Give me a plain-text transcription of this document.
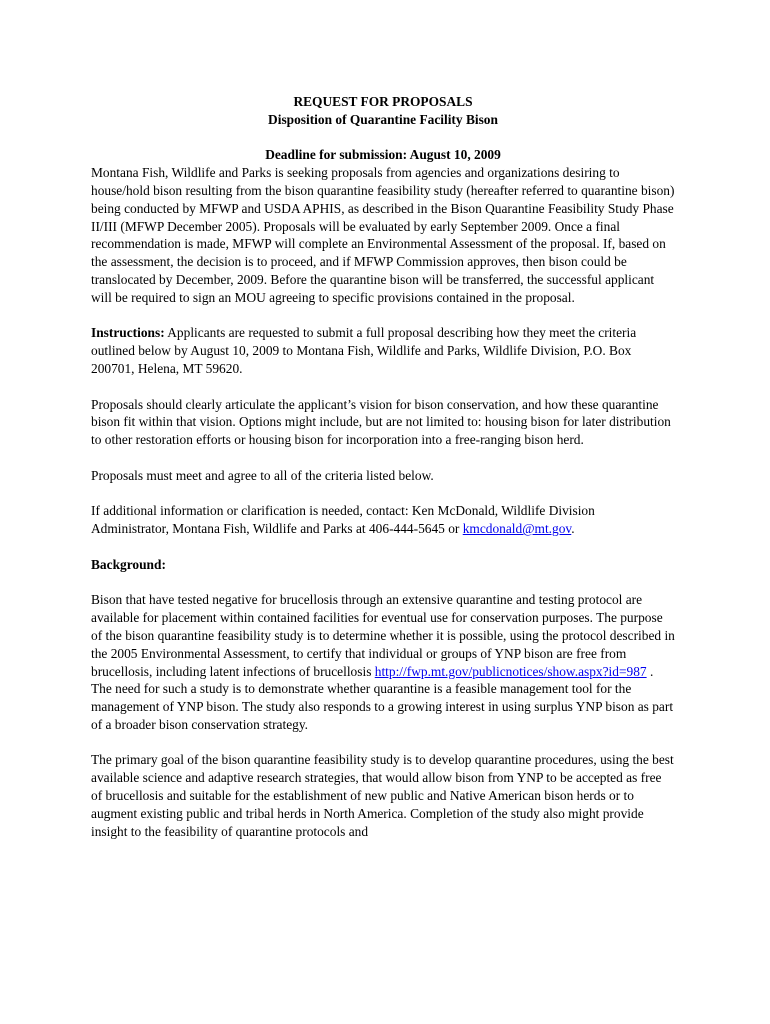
REQUEST FOR PROPOSALS
Disposition of Quarantine Facility Bison
Deadline for submission: August 10, 2009

Montana Fish, Wildlife and Parks is seeking proposals from agencies and organizations desiring to house/hold bison resulting from the bison quarantine feasibility study (hereafter referred to quarantine bison) being conducted by MFWP and USDA APHIS, as described in the Bison Quarantine Feasibility Study Phase II/III (MFWP December 2005). Proposals will be evaluated by early September 2009. Once a final recommendation is made, MFWP will complete an Environmental Assessment of the proposal. If, based on the assessment, the decision is to proceed, and if MFWP Commission approves, then bison could be translocated by December, 2009. Before the quarantine bison will be transferred, the successful applicant will be required to sign an MOU agreeing to specific provisions contained in the proposal.

Instructions: Applicants are requested to submit a full proposal describing how they meet the criteria outlined below by August 10, 2009 to Montana Fish, Wildlife and Parks, Wildlife Division, P.O. Box 200701, Helena, MT 59620.

Proposals should clearly articulate the applicant’s vision for bison conservation, and how these quarantine bison fit within that vision. Options might include, but are not limited to: housing bison for later distribution to other restoration efforts or housing bison for incorporation into a free-ranging bison herd.

Proposals must meet and agree to all of the criteria listed below.

If additional information or clarification is needed, contact: Ken McDonald, Wildlife Division Administrator, Montana Fish, Wildlife and Parks at 406-444-5645 or kmcdonald@mt.gov.

Background:

Bison that have tested negative for brucellosis through an extensive quarantine and testing protocol are available for placement within contained facilities for eventual use for conservation purposes. The purpose of the bison quarantine feasibility study is to determine whether it is possible, using the protocol described in the 2005 Environmental Assessment, to certify that individual or groups of YNP bison are free from brucellosis, including latent infections of brucellosis http://fwp.mt.gov/publicnotices/show.aspx?id=987 . The need for such a study is to demonstrate whether quarantine is a feasible management tool for the management of YNP bison. The study also responds to a growing interest in using surplus YNP bison as part of a broader bison conservation strategy.

The primary goal of the bison quarantine feasibility study is to develop quarantine procedures, using the best available science and adaptive research strategies, that would allow bison from YNP to be accepted as free of brucellosis and suitable for the establishment of new public and Native American bison herds or to augment existing public and tribal herds in North America. Completion of the study also might provide insight to the feasibility of quarantine protocols and
